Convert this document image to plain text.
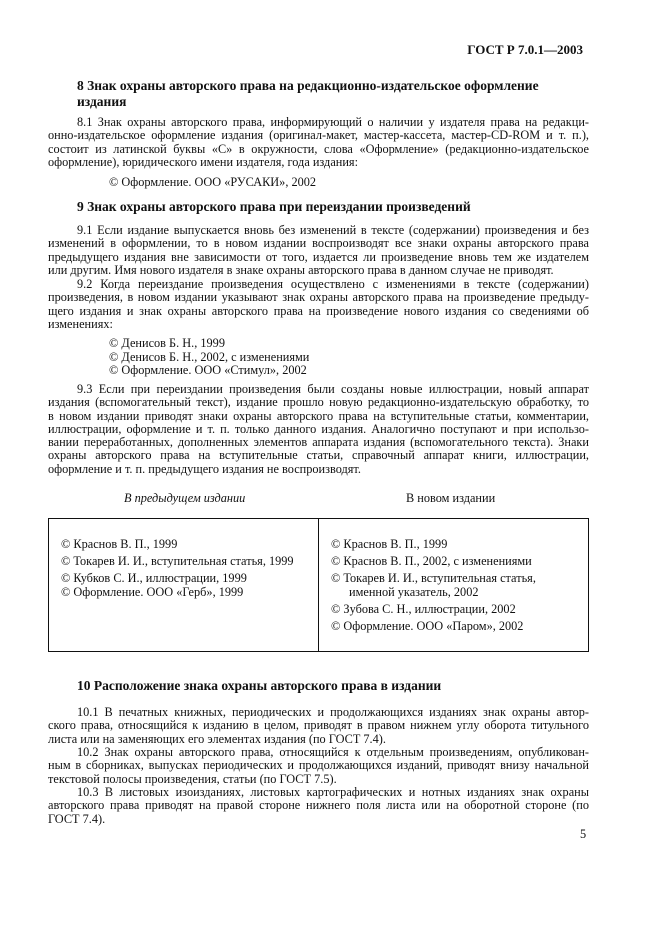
ГОСТ Р 7.0.1—2003
8 Знак охраны авторского права на редакционно-издательское оформление
издания
8.1 Знак охраны авторского права, информирующий о наличии у издателя права на редакци-
онно-издательское оформление издания (оригинал-макет, мастер-кассета, мастер-CD-ROM и т. п.),
состоит из латинской буквы «С» в окружности, слова «Оформление» (редакционно-издательское
оформление), юридического имени издателя, года издания:
© Оформление. ООО «РУСАКИ», 2002
9 Знак охраны авторского права при переиздании произведений
9.1 Если издание выпускается вновь без изменений в тексте (содержании) произведения и без
изменений в оформлении, то в новом издании воспроизводят все знаки охраны авторского права
предыдущего издания вне зависимости от того, издается ли произведение вновь тем же издателем
или другим. Имя нового издателя в знаке охраны авторского права в данном случае не приводят.
9.2 Когда переиздание произведения осуществлено с изменениями в тексте (содержании)
произведения, в новом издании указывают знак охраны авторского права на произведение предыду-
щего издания и знак охраны авторского права на произведение нового издания со сведениями об
изменениях:
© Денисов Б. Н., 1999
© Денисов Б. Н., 2002, с изменениями
© Оформление. ООО «Стимул», 2002
9.3 Если при переиздании произведения были созданы новые иллюстрации, новый аппарат
издания (вспомогательный текст), издание прошло новую редакционно-издательскую обработку, то
в новом издании приводят знаки охраны авторского права на вступительные статьи, комментарии,
иллюстрации, оформление и т. п. только данного издания. Аналогично поступают и при использо-
вании переработанных, дополненных элементов аппарата издания (вспомогательного текста). Знаки
охраны авторского права на вступительные статьи, справочный аппарат книги, иллюстрации,
оформление и т. п. предыдущего издания не воспроизводят.
В предыдущем издании	В новом издании
© Краснов В. П., 1999
© Токарев И. И., вступительная статья, 1999
© Кубков С. И., иллюстрации, 1999
© Оформление. ООО «Герб», 1999
© Краснов В. П., 1999
© Краснов В. П., 2002, с изменениями
© Токарев И. И., вступительная статья,
именной указатель, 2002
© Зубова С. Н., иллюстрации, 2002
© Оформление. ООО «Паром», 2002
10 Расположение знака охраны авторского права в издании
10.1 В печатных книжных, периодических и продолжающихся изданиях знак охраны автор-
ского права, относящийся к изданию в целом, приводят в правом нижнем углу оборота титульного
листа или на заменяющих его элементах издания (по ГОСТ 7.4).
10.2 Знак охраны авторского права, относящийся к отдельным произведениям, опубликован-
ным в сборниках, выпусках периодических и продолжающихся изданий, приводят внизу начальной
текстовой полосы произведения, статьи (по ГОСТ 7.5).
10.3 В листовых изоизданиях, листовых картографических и нотных изданиях знак охраны
авторского права приводят на правой стороне нижнего поля листа или на оборотной стороне (по
ГОСТ 7.4).
5
